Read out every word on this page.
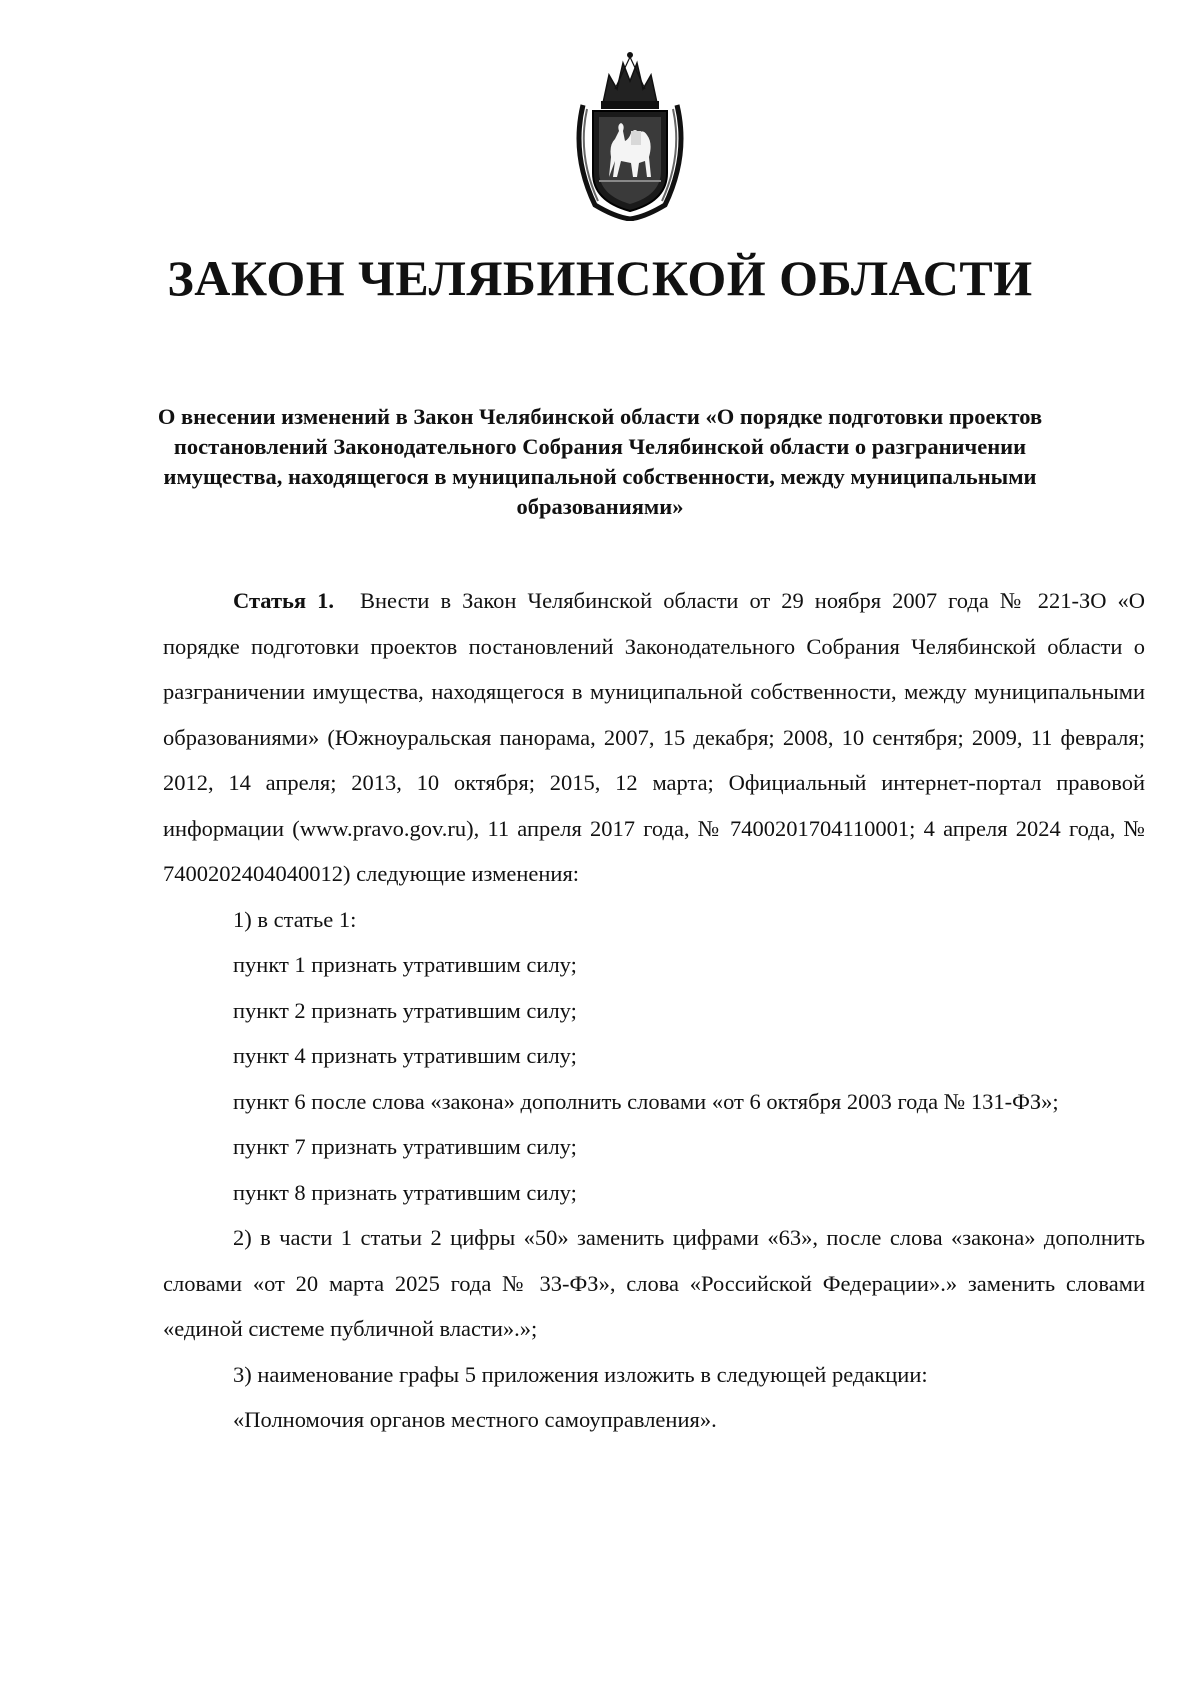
ЗАКОН ЧЕЛЯБИНСКОЙ ОБЛАСТИ
О внесении изменений в Закон Челябинской области «О порядке подготовки проектов постановлений Законодательного Собрания Челябинской области о разграничении имущества, находящегося в муниципальной собственности, между муниципальными образованиями»

Статья 1. Внести в Закон Челябинской области от 29 ноября 2007 года № 221-ЗО «О порядке подготовки проектов постановлений Законодательного Собрания Челябинской области о разграничении имущества, находящегося в муниципальной собственности, между муниципальными образованиями» (Южноуральская панорама, 2007, 15 декабря; 2008, 10 сентября; 2009, 11 февраля; 2012, 14 апреля; 2013, 10 октября; 2015, 12 марта; Официальный интернет-портал правовой информации (www.pravo.gov.ru), 11 апреля 2017 года, № 7400201704110001; 4 апреля 2024 года, № 7400202404040012) следующие изменения:

1) в статье 1:

пункт 1 признать утратившим силу;

пункт 2 признать утратившим силу;

пункт 4 признать утратившим силу;

пункт 6 после слова «закона» дополнить словами «от 6 октября 2003 года № 131-ФЗ»;

пункт 7 признать утратившим силу;

пункт 8 признать утратившим силу;

2) в части 1 статьи 2 цифры «50» заменить цифрами «63», после слова «закона» дополнить словами «от 20 марта 2025 года № 33-ФЗ», слова «Российской Федерации».» заменить словами «единой системе публичной власти».»;

3) наименование графы 5 приложения изложить в следующей редакции:

«Полномочия органов местного самоуправления».
